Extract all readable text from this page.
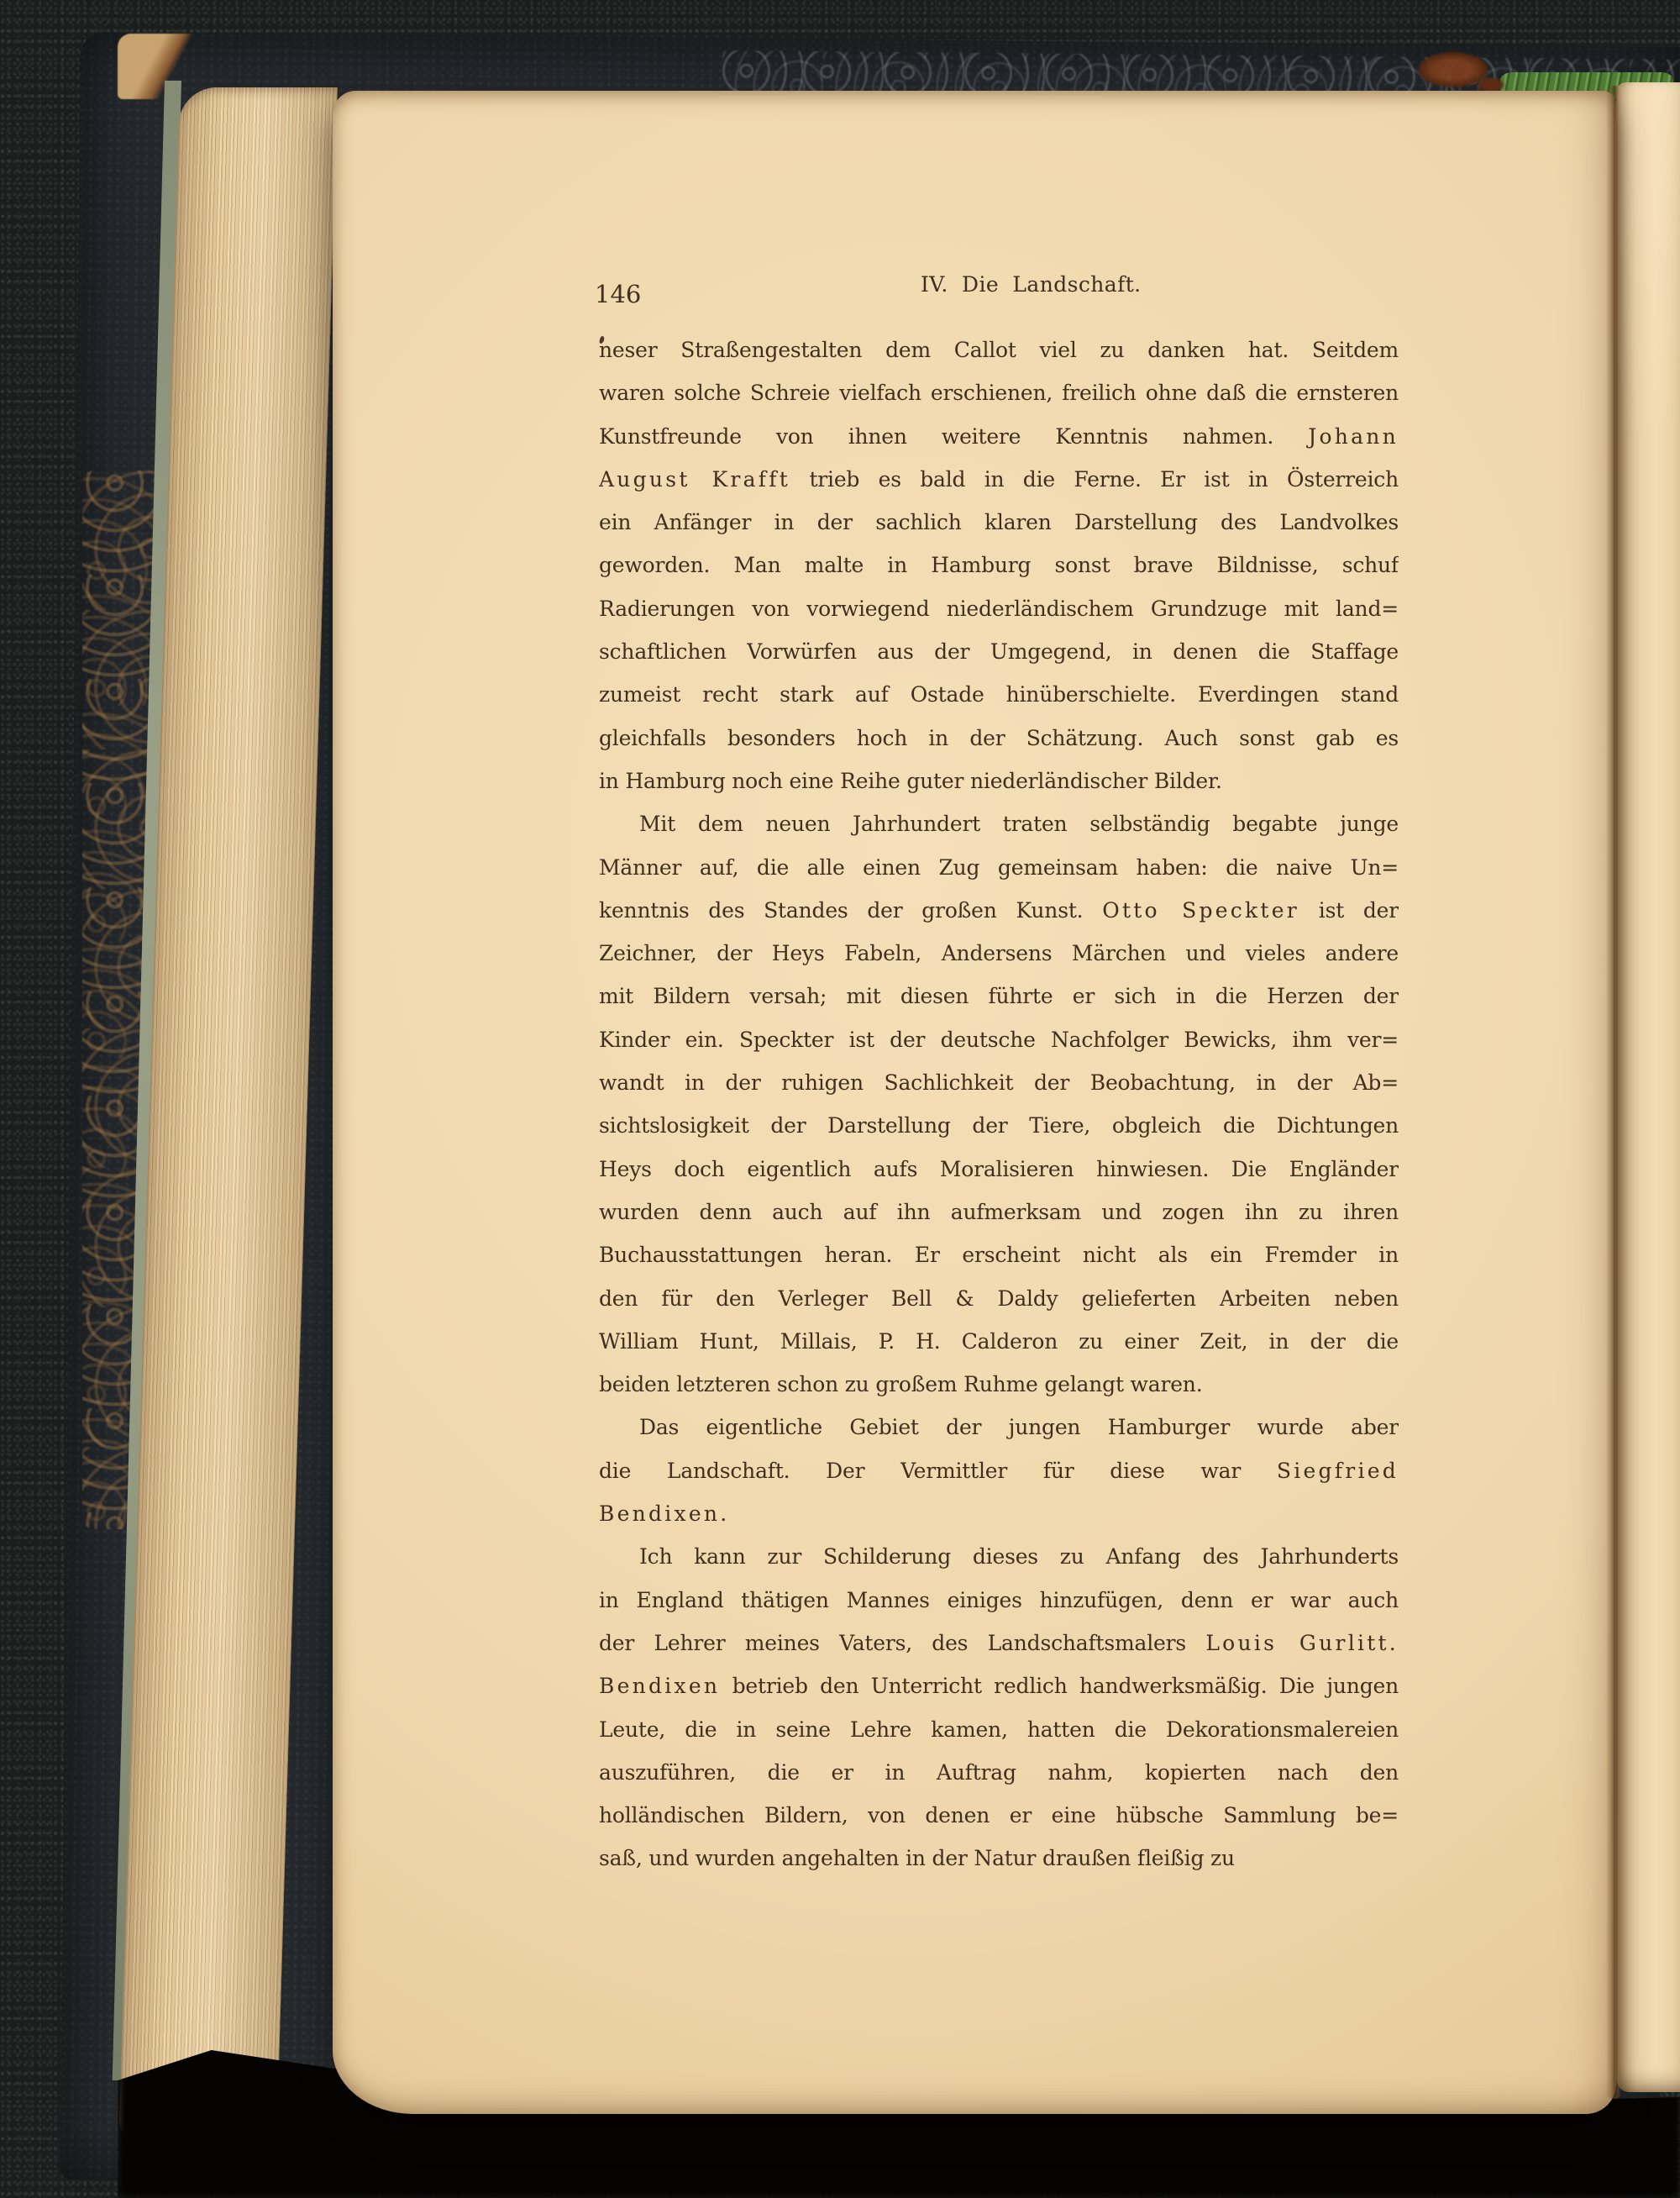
146	IV. Die Landschaft.
neser Straßengestalten dem Callot viel zu danken hat. Seitdem
waren solche Schreie vielfach erschienen, freilich ohne daß die ernsteren
Kunstfreunde von ihnen weitere Kenntnis nahmen. Johann
August Krafft trieb es bald in die Ferne. Er ist in Österreich
ein Anfänger in der sachlich klaren Darstellung des Landvolkes
geworden. Man malte in Hamburg sonst brave Bildnisse, schuf
Radierungen von vorwiegend niederländischem Grundzuge mit land=
schaftlichen Vorwürfen aus der Umgegend, in denen die Staffage
zumeist recht stark auf Ostade hinüberschielte. Everdingen stand
gleichfalls besonders hoch in der Schätzung. Auch sonst gab es
in Hamburg noch eine Reihe guter niederländischer Bilder.
Mit dem neuen Jahrhundert traten selbständig begabte junge
Männer auf, die alle einen Zug gemeinsam haben: die naive Un=
kenntnis des Standes der großen Kunst. Otto Speckter ist der
Zeichner, der Heys Fabeln, Andersens Märchen und vieles andere
mit Bildern versah; mit diesen führte er sich in die Herzen der
Kinder ein. Speckter ist der deutsche Nachfolger Bewicks, ihm ver=
wandt in der ruhigen Sachlichkeit der Beobachtung, in der Ab=
sichtslosigkeit der Darstellung der Tiere, obgleich die Dichtungen
Heys doch eigentlich aufs Moralisieren hinwiesen. Die Engländer
wurden denn auch auf ihn aufmerksam und zogen ihn zu ihren
Buchausstattungen heran. Er erscheint nicht als ein Fremder in
den für den Verleger Bell & Daldy gelieferten Arbeiten neben
William Hunt, Millais, P. H. Calderon zu einer Zeit, in der die
beiden letzteren schon zu großem Ruhme gelangt waren.
Das eigentliche Gebiet der jungen Hamburger wurde aber
die Landschaft. Der Vermittler für diese war Siegfried
Bendixen.
Ich kann zur Schilderung dieses zu Anfang des Jahrhunderts
in England thätigen Mannes einiges hinzufügen, denn er war auch
der Lehrer meines Vaters, des Landschaftsmalers Louis Gurlitt.
Bendixen betrieb den Unterricht redlich handwerksmäßig. Die jungen
Leute, die in seine Lehre kamen, hatten die Dekorationsmalereien
auszuführen, die er in Auftrag nahm, kopierten nach den
holländischen Bildern, von denen er eine hübsche Sammlung be=
saß, und wurden angehalten in der Natur draußen fleißig zu
